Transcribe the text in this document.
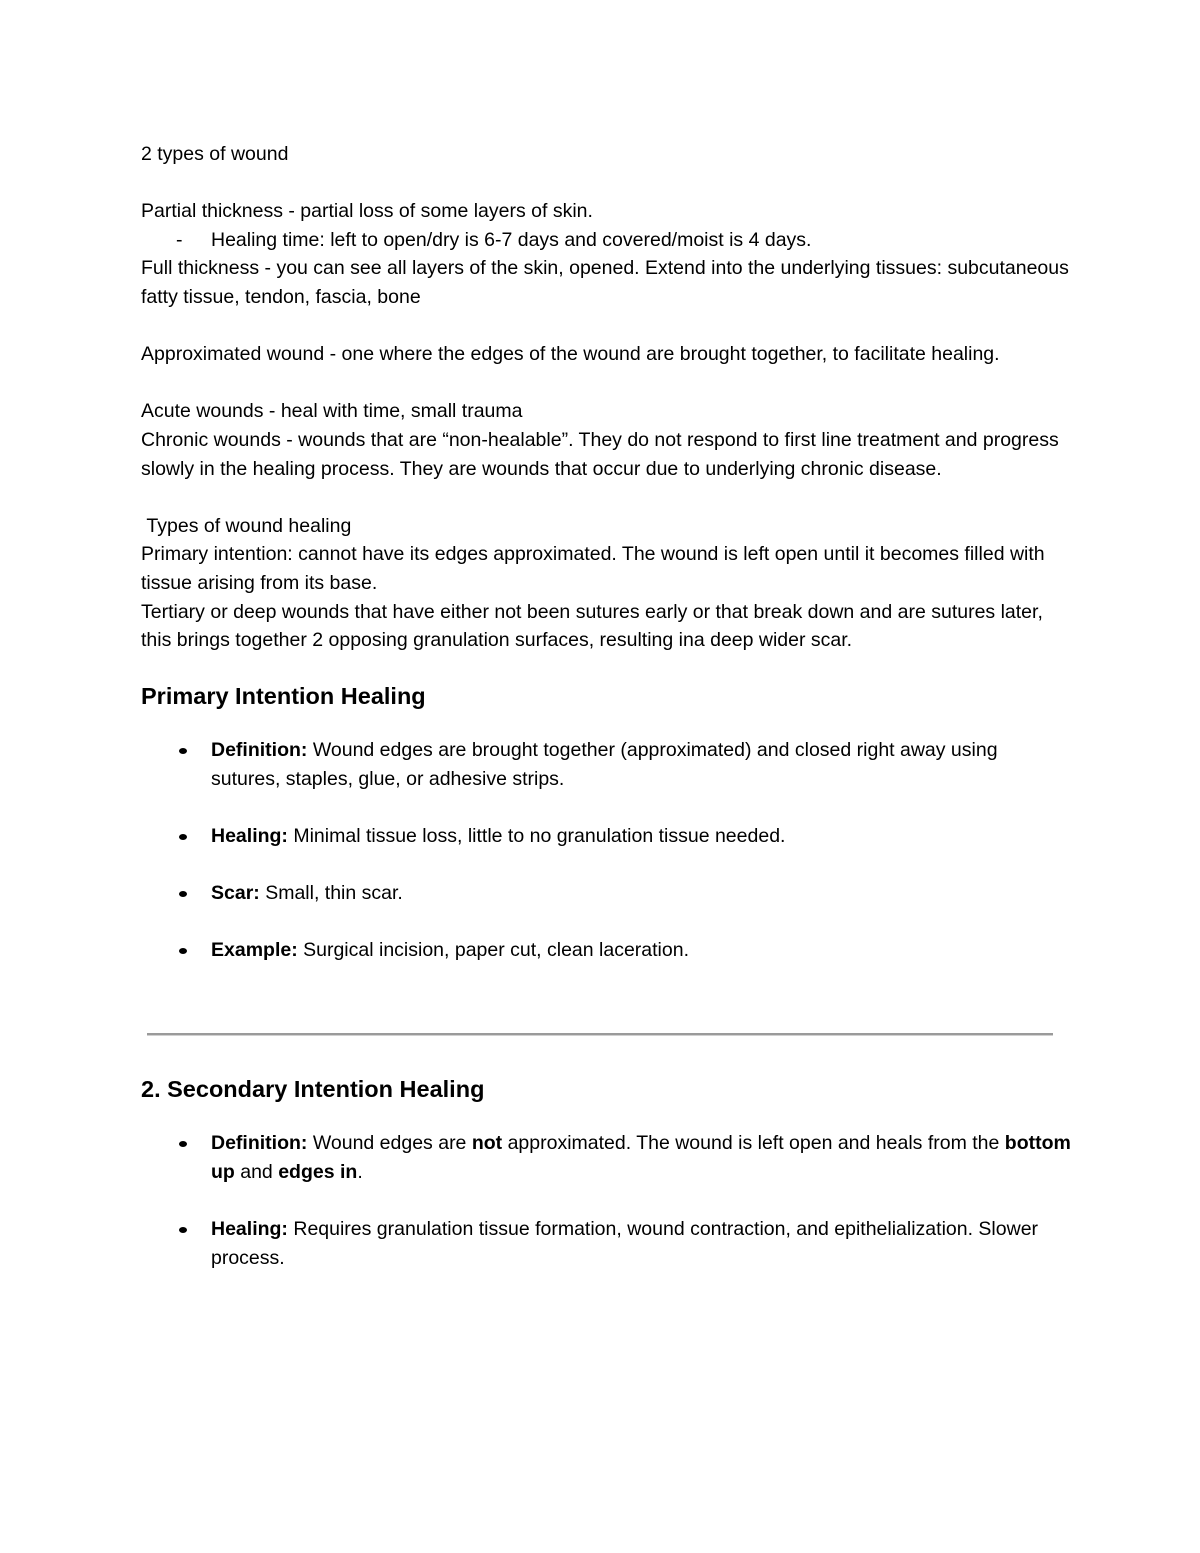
2 types of wound

Partial thickness - partial loss of some layers of skin.

- Healing time: left to open/dry is 6-7 days and covered/moist is 4 days.

Full thickness - you can see all layers of the skin, opened. Extend into the underlying tissues: subcutaneous fatty tissue, tendon, fascia, bone

Approximated wound - one where the edges of the wound are brought together, to facilitate healing.

Acute wounds - heal with time, small trauma

Chronic wounds - wounds that are “non-healable”. They do not respond to first line treatment and progress slowly in the healing process. They are wounds that occur due to underlying chronic disease.

Types of wound healing

Primary intention: cannot have its edges approximated. The wound is left open until it becomes filled with tissue arising from its base.

Tertiary or deep wounds that have either not been sutures early or that break down and are sutures later, this brings together 2 opposing granulation surfaces, resulting ina deep wider scar.

Primary Intention Healing
Definition: Wound edges are brought together (approximated) and closed right away using sutures, staples, glue, or adhesive strips.
Healing: Minimal tissue loss, little to no granulation tissue needed.
Scar: Small, thin scar.
Example: Surgical incision, paper cut, clean laceration.
2. Secondary Intention Healing
Definition: Wound edges are not approximated. The wound is left open and heals from the bottom up and edges in.
Healing: Requires granulation tissue formation, wound contraction, and epithelialization. Slower process.
